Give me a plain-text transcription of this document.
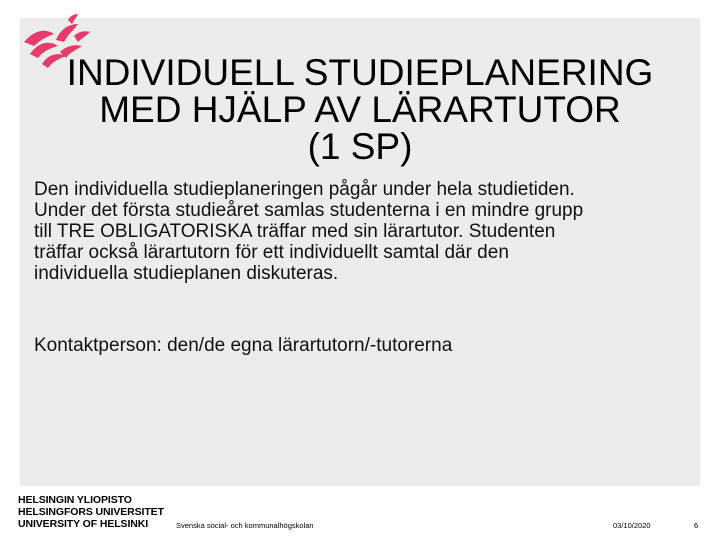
INDIVIDUELL STUDIEPLANERING
MED HJÄLP AV LÄRARTUTOR
(1 SP)
Den individuella studieplaneringen pågår under hela studietiden.
Under det första studieåret samlas studenterna i en mindre grupp
till TRE OBLIGATORISKA träffar med sin lärartutor. Studenten
träffar också lärartutorn för ett individuellt samtal där den
individuella studieplanen diskuteras.
Kontaktperson: den/de egna lärartutorn/-tutorerna
HELSINGIN YLIOPISTO
HELSINGFORS UNIVERSITET
UNIVERSITY OF HELSINKI	Svenska social- och kommunalhögskolan	03/10/2020	6
